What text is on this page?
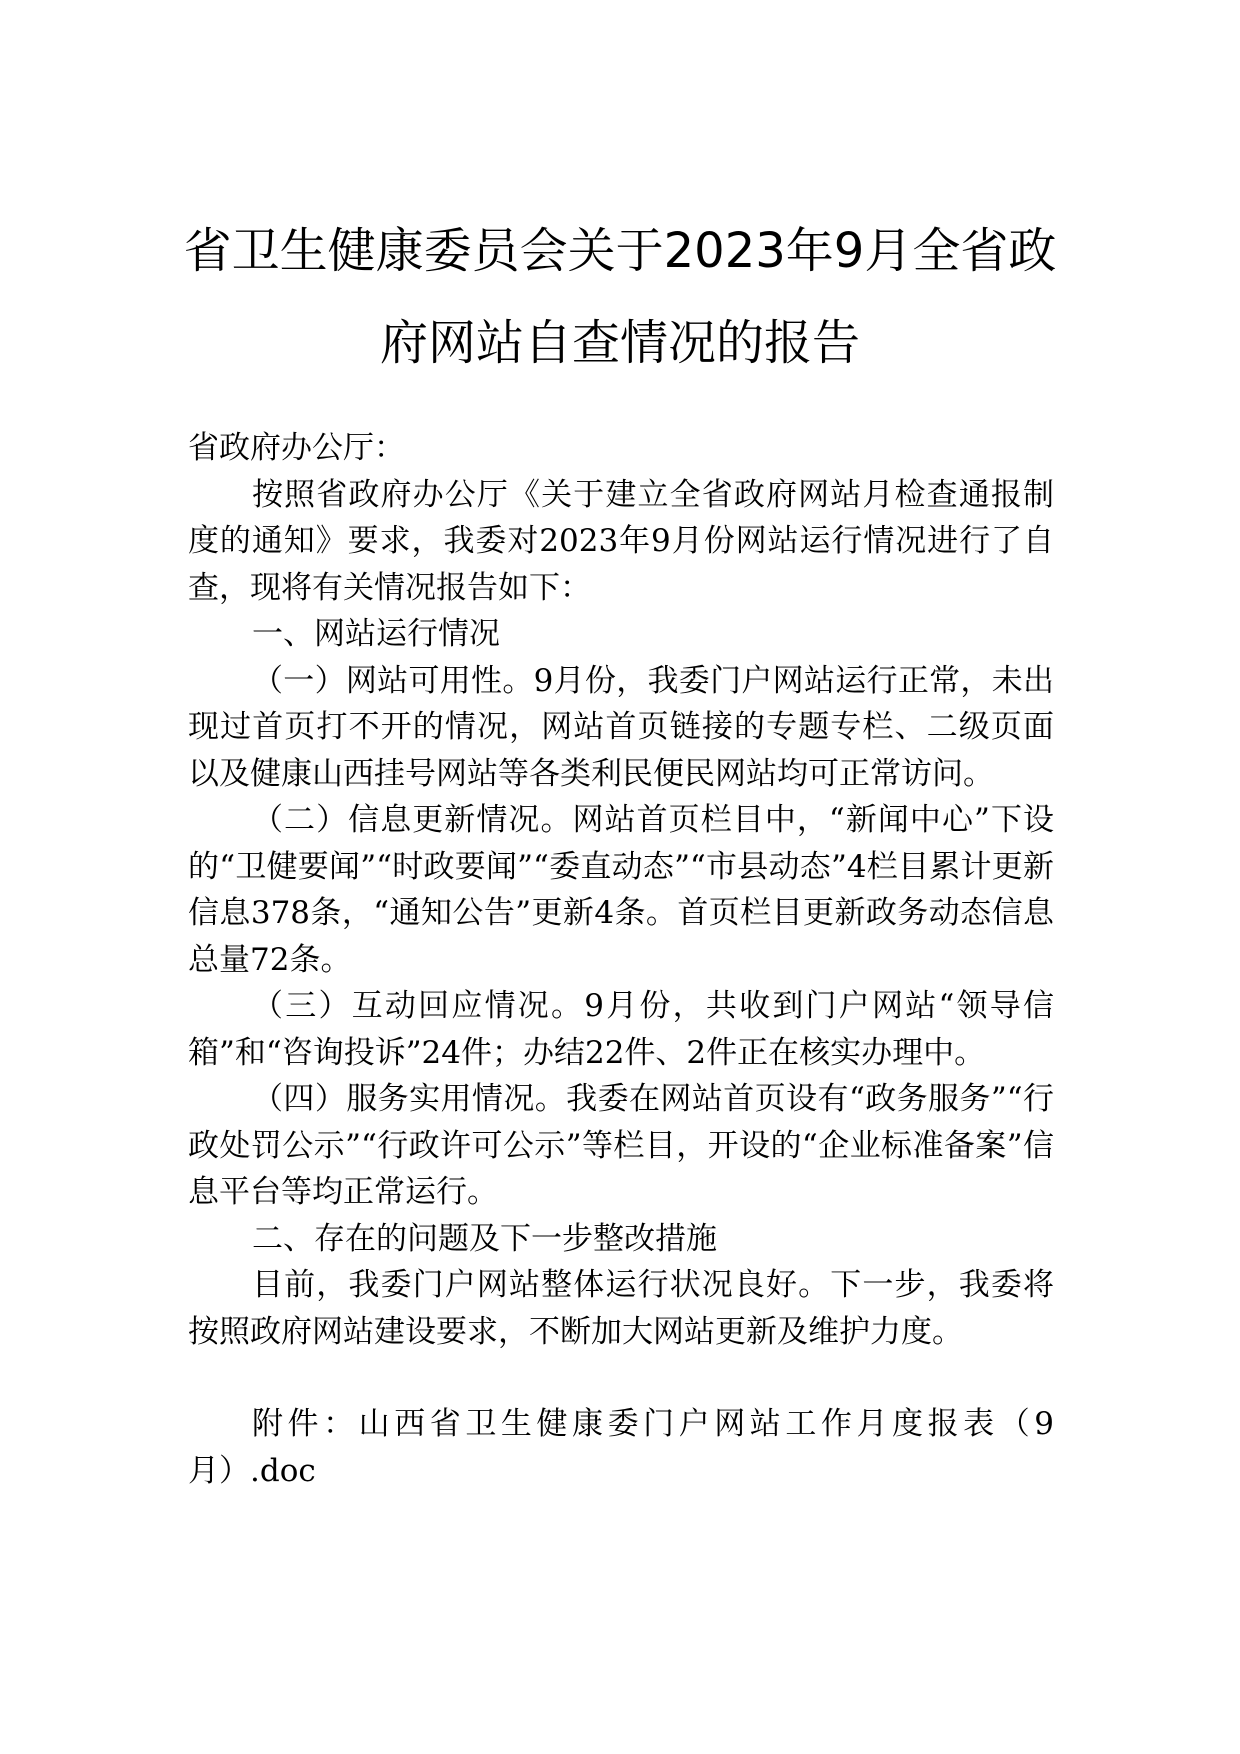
省卫生健康委员会关于2023年9月全省政
府网站自查情况的报告

省政府办公厅：

按照省政府办公厅《关于建立全省政府网站月检查通报制度的通知》要求，我委对2023年9月份网站运行情况进行了自查，现将有关情况报告如下：

一、网站运行情况

（一）网站可用性。9月份，我委门户网站运行正常，未出现过首页打不开的情况，网站首页链接的专题专栏、二级页面以及健康山西挂号网站等各类利民便民网站均可正常访问。

（二）信息更新情况。网站首页栏目中，“新闻中心”下设的“卫健要闻”“时政要闻”“委直动态”“市县动态”4栏目累计更新信息378条，“通知公告”更新4条。首页栏目更新政务动态信息总量72条。

（三）互动回应情况。9月份，共收到门户网站“领导信箱”和“咨询投诉”24件；办结22件、2件正在核实办理中。

（四）服务实用情况。我委在网站首页设有“政务服务”“行政处罚公示”“行政许可公示”等栏目，开设的“企业标准备案”信息平台等均正常运行。

二、存在的问题及下一步整改措施

目前，我委门户网站整体运行状况良好。下一步，我委将按照政府网站建设要求，不断加大网站更新及维护力度。

附件：山西省卫生健康委门户网站工作月度报表（9月）.doc
